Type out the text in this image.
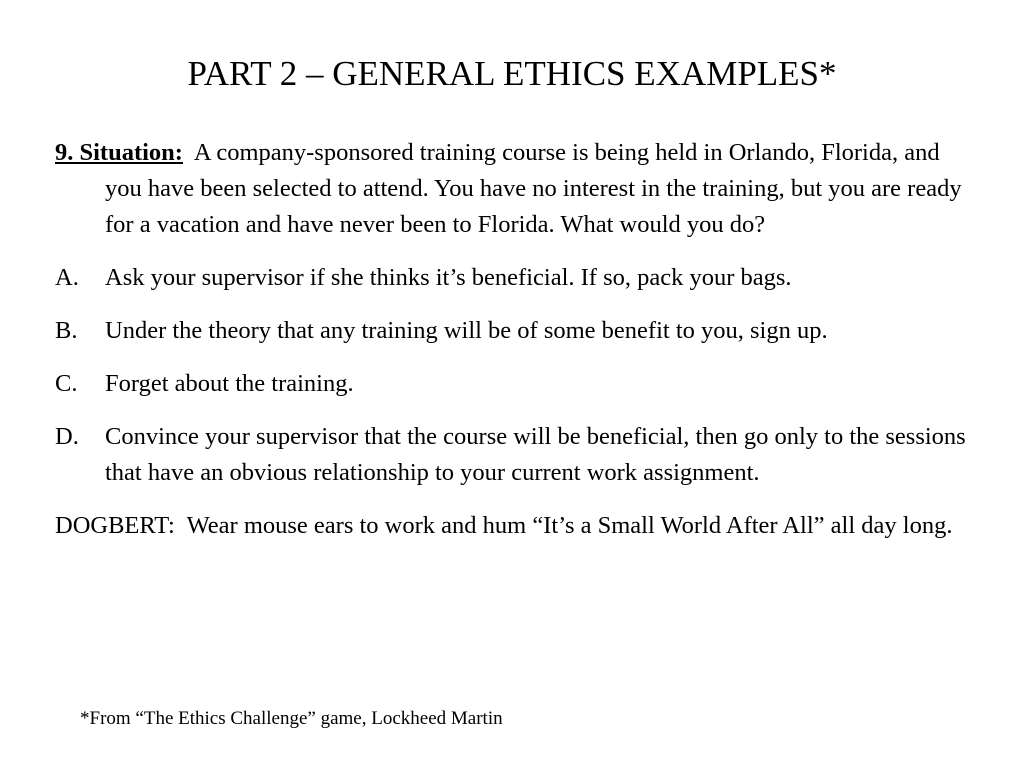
PART 2 – GENERAL ETHICS EXAMPLES*

9. Situation: A company-sponsored training course is being held in Orlando, Florida, and you have been selected to attend. You have no interest in the training, but you are ready for a vacation and have never been to Florida. What would you do?

A.	Ask your supervisor if she thinks it’s beneficial. If so, pack your bags.
B.	Under the theory that any training will be of some benefit to you, sign up.
C.	Forget about the training.
D.	Convince your supervisor that the course will be beneficial, then go only to the sessions that have an obvious relationship to your current work assignment.

DOGBERT: Wear mouse ears to work and hum “It’s a Small World After All” all day long.

*From “The Ethics Challenge” game, Lockheed Martin
